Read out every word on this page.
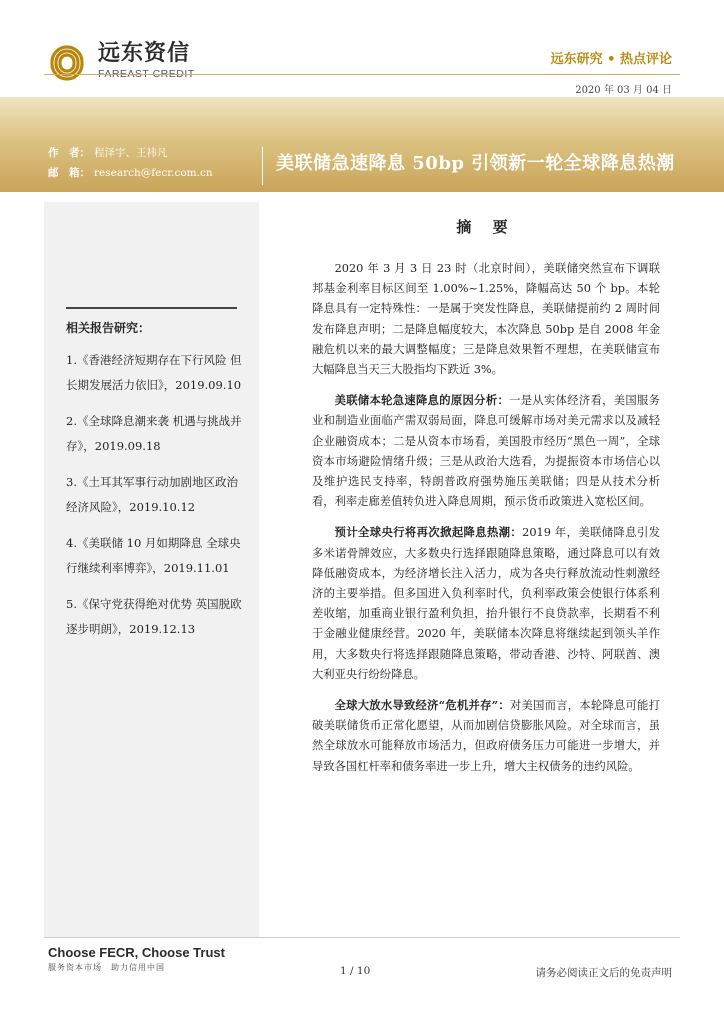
远东资信
FAREAST CREDIT
远东研究 • 热点评论
2020 年 03 月 04 日
作　者： 程泽宇、王祎凡
邮　箱： research@fecr.com.cn	美联储急速降息 50bp 引领新一轮全球降息热潮
相关报告研究：
1.《香港经济短期存在下行风险 但长期发展活力依旧》，2019.09.10
2.《全球降息潮来袭 机遇与挑战并存》，2019.09.18
3.《土耳其军事行动加剧地区政治经济风险》，2019.10.12
4.《美联储 10 月如期降息 全球央行继续利率博弈》，2019.11.01
5.《保守党获得绝对优势 英国脱欧逐步明朗》，2019.12.13
摘 要

2020 年 3 月 3 日 23 时（北京时间），美联储突然宣布下调联邦基金利率目标区间至 1.00%~1.25%，降幅高达 50 个 bp。本轮降息具有一定特殊性：一是属于突发性降息，美联储提前约 2 周时间发布降息声明；二是降息幅度较大，本次降息 50bp 是自 2008 年金融危机以来的最大调整幅度；三是降息效果暂不理想，在美联储宣布大幅降息当天三大股指均下跌近 3%。

美联储本轮急速降息的原因分析：一是从实体经济看，美国服务业和制造业面临产需双弱局面，降息可缓解市场对美元需求以及减轻企业融资成本；二是从资本市场看，美国股市经历“黑色一周”，全球资本市场避险情绪升级；三是从政治大选看，为提振资本市场信心以及维护选民支持率，特朗普政府强势施压美联储；四是从技术分析看，利率走廊差值转负进入降息周期，预示货币政策进入宽松区间。

预计全球央行将再次掀起降息热潮：2019 年，美联储降息引发多米诺骨牌效应，大多数央行选择跟随降息策略，通过降息可以有效降低融资成本，为经济增长注入活力，成为各央行释放流动性刺激经济的主要举措。但多国进入负利率时代，负利率政策会使银行体系利差收缩，加重商业银行盈利负担，抬升银行不良贷款率，长期看不利于金融业健康经营。2020 年，美联储本次降息将继续起到领头羊作用，大多数央行将选择跟随降息策略，带动香港、沙特、阿联酋、澳大利亚央行纷纷降息。

全球大放水导致经济“危机并存”：对美国而言，本轮降息可能打破美联储货币正常化愿望，从而加剧信贷膨胀风险。对全球而言，虽然全球放水可能释放市场活力，但政府债务压力可能进一步增大，并导致各国杠杆率和债务率进一步上升，增大主权债务的违约风险。

Choose FECR, Choose Trust
服务资本市场　助力信用中国	1 / 10	请务必阅读正文后的免责声明
